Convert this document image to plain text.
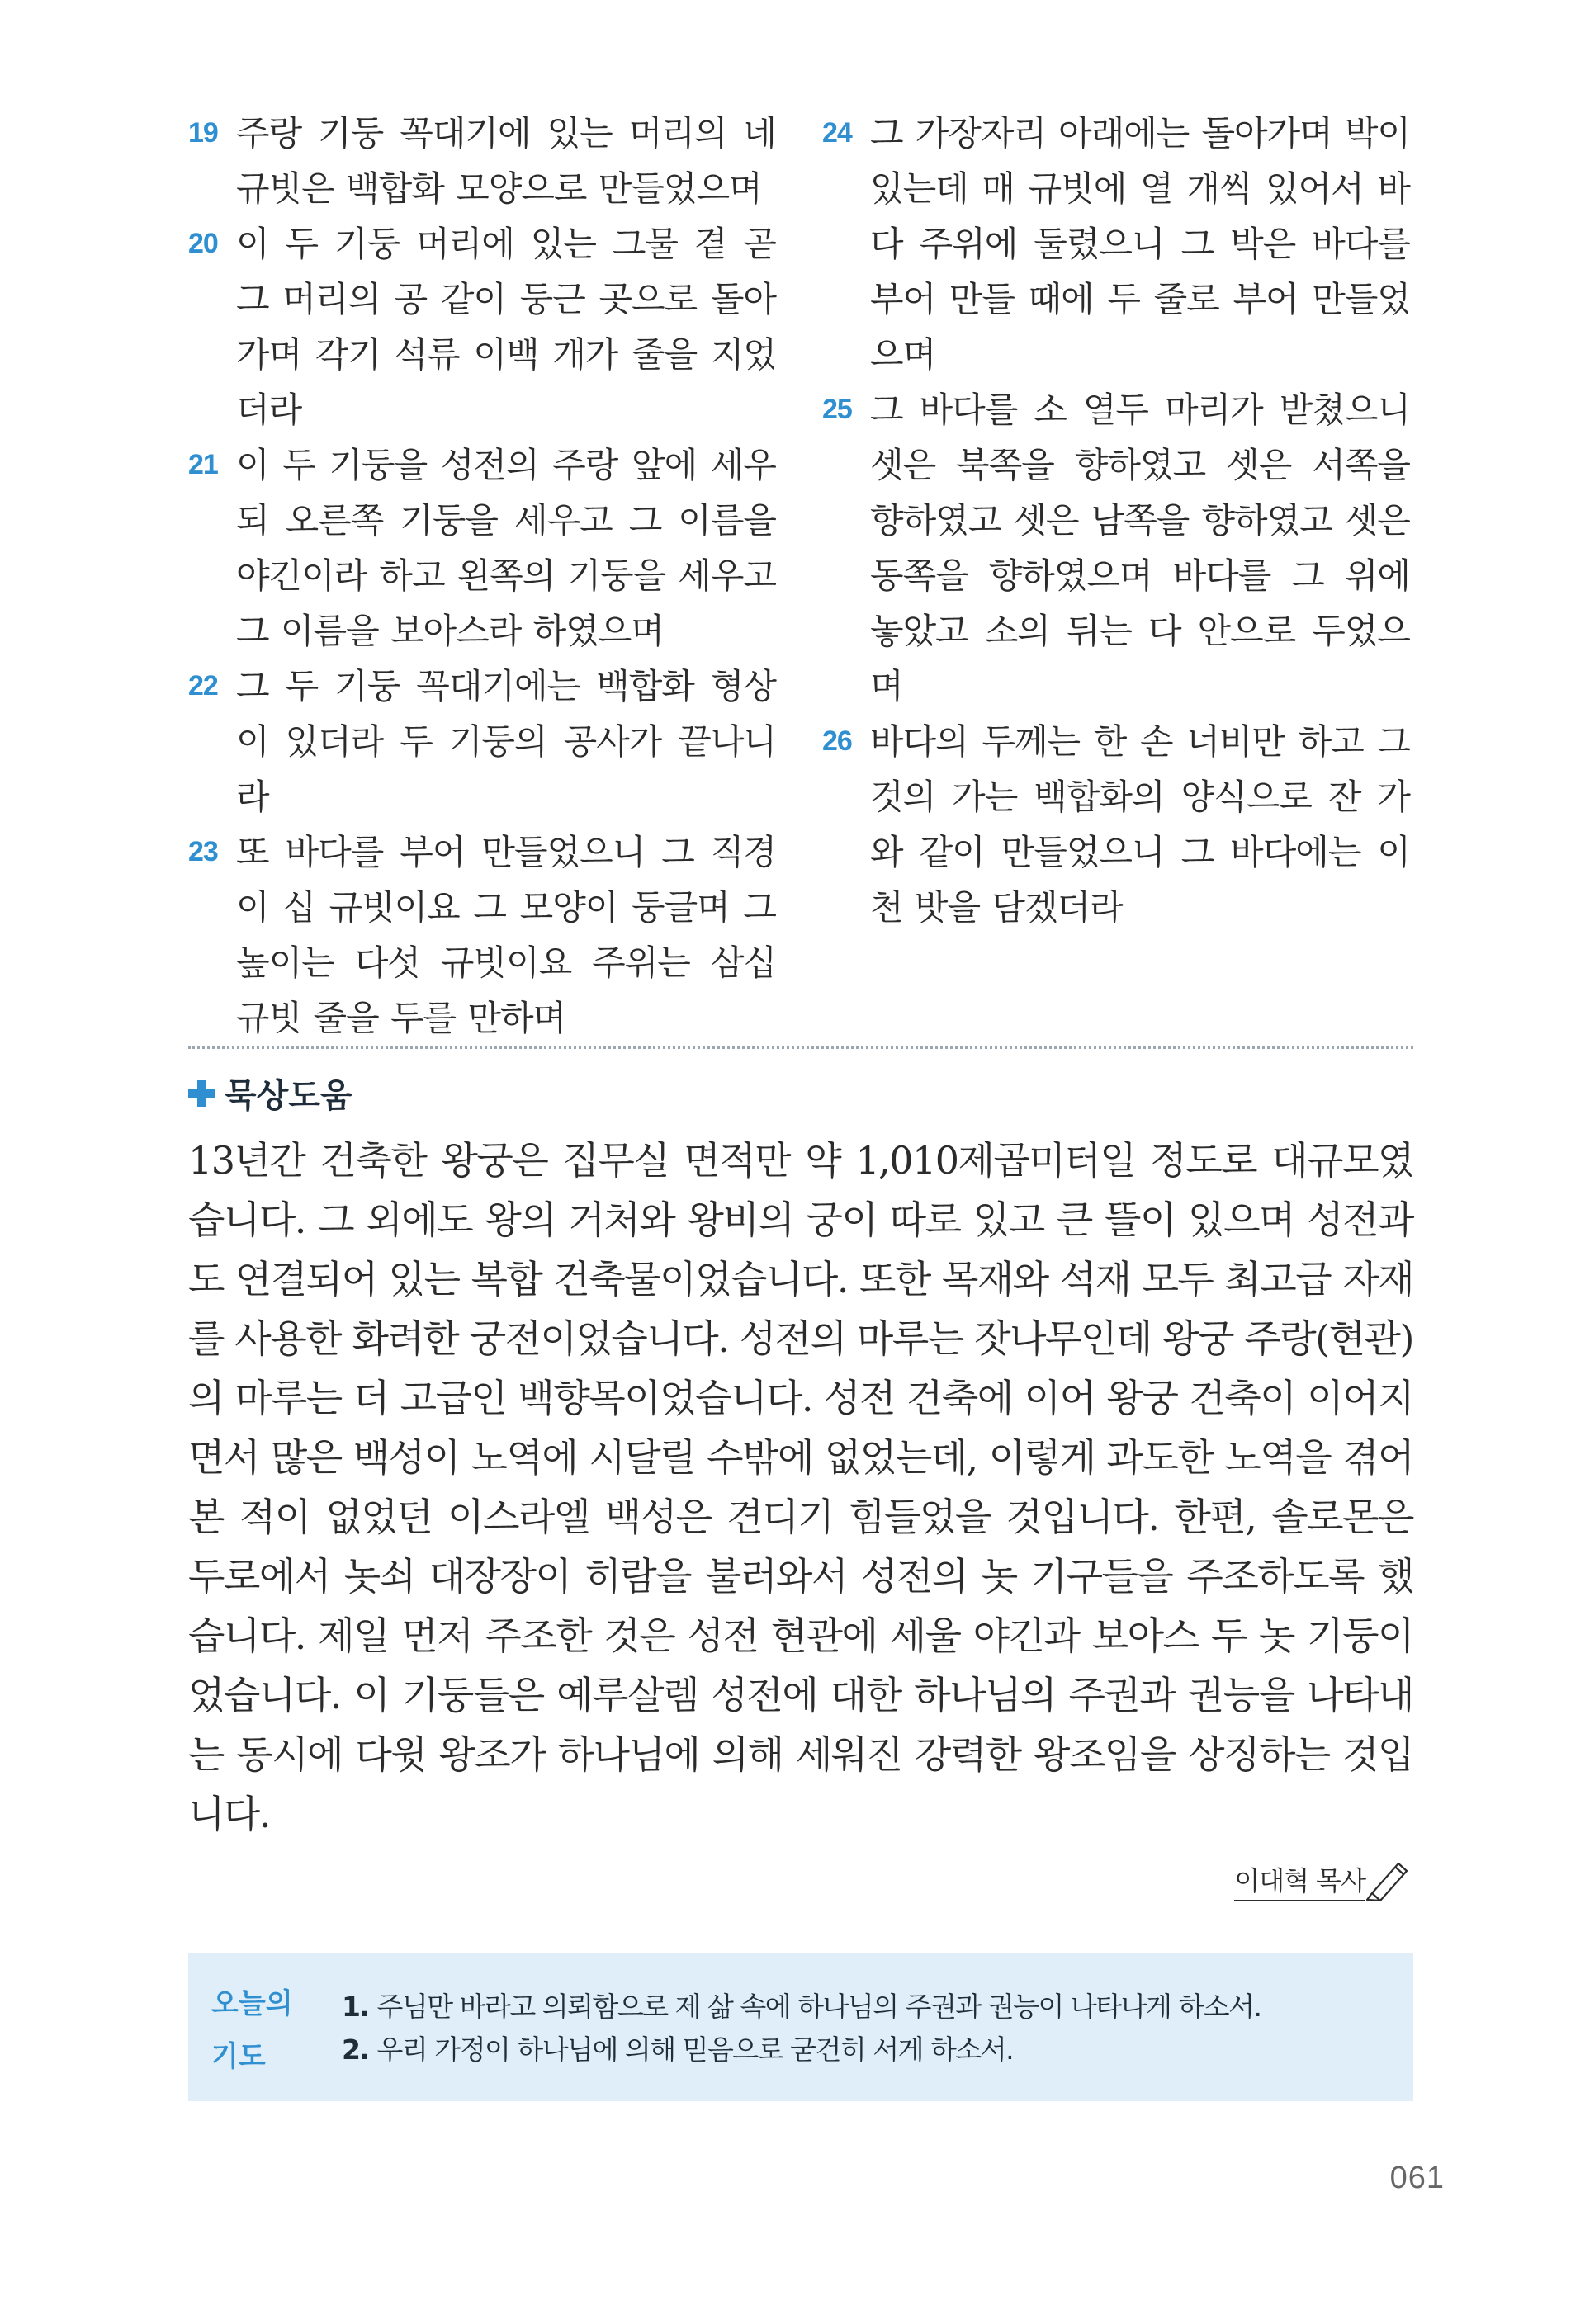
19 주랑 기둥 꼭대기에 있는 머리의 네 규빗은 백합화 모양으로 만들었으며
20 이 두 기둥 머리에 있는 그물 곁 곧 그 머리의 공 같이 둥근 곳으로 돌아가며 각기 석류 이백 개가 줄을 지었더라
21 이 두 기둥을 성전의 주랑 앞에 세우되 오른쪽 기둥을 세우고 그 이름을 야긴이라 하고 왼쪽의 기둥을 세우고 그 이름을 보아스라 하였으며
22 그 두 기둥 꼭대기에는 백합화 형상이 있더라 두 기둥의 공사가 끝나니라
23 또 바다를 부어 만들었으니 그 직경이 십 규빗이요 그 모양이 둥글며 그 높이는 다섯 규빗이요 주위는 삼십 규빗 줄을 두를 만하며
24 그 가장자리 아래에는 돌아가며 박이 있는데 매 규빗에 열 개씩 있어서 바다 주위에 둘렸으니 그 박은 바다를 부어 만들 때에 두 줄로 부어 만들었으며
25 그 바다를 소 열두 마리가 받쳤으니 셋은 북쪽을 향하였고 셋은 서쪽을 향하였고 셋은 남쪽을 향하였고 셋은 동쪽을 향하였으며 바다를 그 위에 놓았고 소의 뒤는 다 안으로 두었으며
26 바다의 두께는 한 손 너비만 하고 그것의 가는 백합화의 양식으로 잔 가와 같이 만들었으니 그 바다에는 이천 밧을 담겠더라
묵상도움
13년간 건축한 왕궁은 집무실 면적만 약 1,010제곱미터일 정도로 대규모였습니다. 그 외에도 왕의 거처와 왕비의 궁이 따로 있고 큰 뜰이 있으며 성전과도 연결되어 있는 복합 건축물이었습니다. 또한 목재와 석재 모두 최고급 자재를 사용한 화려한 궁전이었습니다. 성전의 마루는 잣나무인데 왕궁 주랑(현관)의 마루는 더 고급인 백향목이었습니다. 성전 건축에 이어 왕궁 건축이 이어지면서 많은 백성이 노역에 시달릴 수밖에 없었는데, 이렇게 과도한 노역을 겪어 본 적이 없었던 이스라엘 백성은 견디기 힘들었을 것입니다. 한편, 솔로몬은 두로에서 놋쇠 대장장이 히람을 불러와서 성전의 놋 기구들을 주조하도록 했습니다. 제일 먼저 주조한 것은 성전 현관에 세울 야긴과 보아스 두 놋 기둥이었습니다. 이 기둥들은 예루살렘 성전에 대한 하나님의 주권과 권능을 나타내는 동시에 다윗 왕조가 하나님에 의해 세워진 강력한 왕조임을 상징하는 것입니다.
이대혁 목사
오늘의
기도
1. 주님만 바라고 의뢰함으로 제 삶 속에 하나님의 주권과 권능이 나타나게 하소서.
2. 우리 가정이 하나님에 의해 믿음으로 굳건히 서게 하소서.
061
